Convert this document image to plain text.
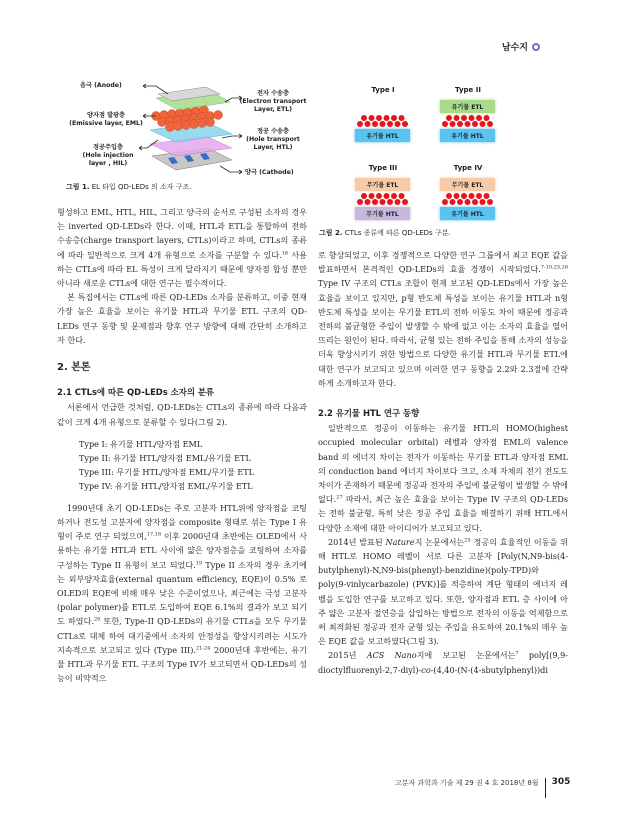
남수지
음극 (Anode)
양자점 발광층
(Emissive layer, EML)
정공주입층
(Hole injection
layer , HIL)
전자 수송층
(Electron transport
Layer, ETL)
정공 수송층
(Hole transport
Layer, HTL)
양극 (Cathode)
그림 1. EL 타입 QD-LEDs 의 소자 구조.
Type I
유기물 HTL
Type II
유기물 ETL
유기물 HTL
Type III
무기물 ETL
무기물 HTL
Type IV
무기물 ETL
유기물 HTL
그림 2. CTLs 종류에 따른 QD-LEDs 구분.

형성하고 EML, HTL, HIL, 그리고 양극의 순서로 구성된 소자의 경우는 inverted QD-LEDs라 한다. 이때, HTL과 ETL을 통합하여 전하 수송층(charge transport layers, CTLs)이라고 하며, CTLs의 종류에 따라 일반적으로 크게 4개 유형으로 소자를 구분할 수 있다.$^{16}$ 사용하는 CTLs에 따라 EL 특성이 크게 달라지기 때문에 양자점 합성 뿐만 아니라 새로운 CTLs에 대한 연구는 필수적이다.

본 특집에서는 CTLs에 따른 QD-LEDs 소자를 분류하고, 이중 현재 가장 높은 효율을 보이는 유기물 HTL과 무기물 ETL 구조의 QD-LEDs 연구 동향 및 문제점과 향후 연구 방향에 대해 간단히 소개하고자 한다.

2. 본론
2.1 CTLs에 따른 QD-LEDs 소자의 분류

서론에서 언급한 것처럼, QD-LEDs는 CTLs의 종류에 따라 다음과 같이 크게 4개 유형으로 분류할 수 있다(그림 2).

Type I: 유기물 HTL/양자점 EML
Type II: 유기물 HTL/양자점 EML/유기물 ETL
Type III: 무기물 HTL/양자점 EML/무기물 ETL
Type IV: 유기물 HTL/양자점 EML/무기물 ETL

1990년대 초기 QD-LEDs는 주로 고분자 HTL위에 양자점을 코팅하거나 전도성 고분자에 양자점을 composite 형태로 섞는 Type I 유형이 주로 연구 되었으며,$^{17,18}$ 이후 2000년대 초반에는 OLED에서 사용하는 유기물 HTL과 ETL 사이에 얇은 양자점층을 코팅하여 소자를 구성하는 Type II 유형이 보고 되었다.$^{19}$ Type II 소자의 경우 초기에는 외부양자효율(external quantum efficiency, EQE)이 0.5% 로 OLED의 EQE에 비해 매우 낮은 수준이었으나, 최근에는 극성 고분자(polar polymer)를 ETL로 도입하여 EQE 6.1%의 결과가 보고 되기도 하였다.$^{20}$ 또한, Type-II QD-LEDs의 유기물 CTLs을 모두 무기물 CTLs로 대체 하여 대기중에서 소자의 안정성을 향상시키려는 시도가 지속적으로 보고되고 있다 (Type III).$^{21-24}$ 2000년대 후반에는, 유기물 HTL과 무기물 ETL 구조의 Type IV가 보고되면서 QD-LEDs의 성능이 비약적으

로 향상되었고, 이후 경쟁적으로 다양한 연구 그룹에서 최고 EQE 값을 발표하면서 본격적인 QD-LEDs의 효율 경쟁이 시작되었다.$^{7-10,25,26}$ Type IV 구조의 CTLs 조합이 현재 보고된 QD-LEDs에서 가장 높은 효율을 보이고 있지만, p형 반도체 특성을 보이는 유기물 HTL과 n형 반도체 특성을 보이는 무기물 ETL의 전하 이동도 차이 때문에 정공과 전하의 불균형한 주입이 발생할 수 밖에 없고 이는 소자의 효율을 떨어뜨리는 원인이 된다. 따라서, 균형 있는 전하 주입을 통해 소자의 성능을 더욱 향상시키기 위한 방법으로 다양한 유기물 HTL과 무기물 ETL에 대한 연구가 보고되고 있으며 이러한 연구 동향을 2.2와 2.3절에 간략하게 소개하고자 한다.

2.2 유기물 HTL 연구 동향

일반적으로 정공이 이동하는 유기물 HTL의 HOMO(highest occupied molecular orbital) 레벨과 양자점 EML의 valence band 의 에너지 차이는 전자가 이동하는 무기물 ETL과 양자점 EML의 conduction band 에너지 차이보다 크고, 소재 자체의 전기 전도도 차이가 존재하기 때문에 정공과 전자의 주입에 불균형이 발생할 수 밖에 없다.$^{27}$ 따라서, 최근 높은 효율을 보이는 Type IV 구조의 QD-LEDs는 전하 불균형, 특히 낮은 정공 주입 효율을 해결하기 위해 HTL에서 다양한 소재에 대한 아이디어가 보고되고 있다.

2014년 발표된 Nature지 논문에서는$^{25}$ 정공의 효율적인 이동을 위해 HTL로 HOMO 레벨이 서로 다른 고분자 [Poly(N,N9-bis(4-butylphenyl)-N,N9-bis(phenyl)-benzidine)(poly-TPD)와 poly(9-vinlycarbazole) (PVK)]를 적층하여 계단 형태의 에너지 레벨을 도입한 연구를 보고하고 있다. 또한, 양자점과 ETL 층 사이에 아주 얇은 고분자 절연층을 삽입하는 방법으로 전자의 이동을 억제함으로써 최적화된 정공과 전자 균형 있는 주입을 유도하여 20.1%의 매우 높은 EQE 값을 보고하였다(그림 3).

2015년 ACS Nano지에 보고된 논문에서는$^7$ poly[(9,9-dioctylfluorenyl-2,7-diyl)-co-(4,40-(N-(4-sbutylphenyl))di

고분자 과학과 기술 제 29 권 4 호 2018년 8월 305
